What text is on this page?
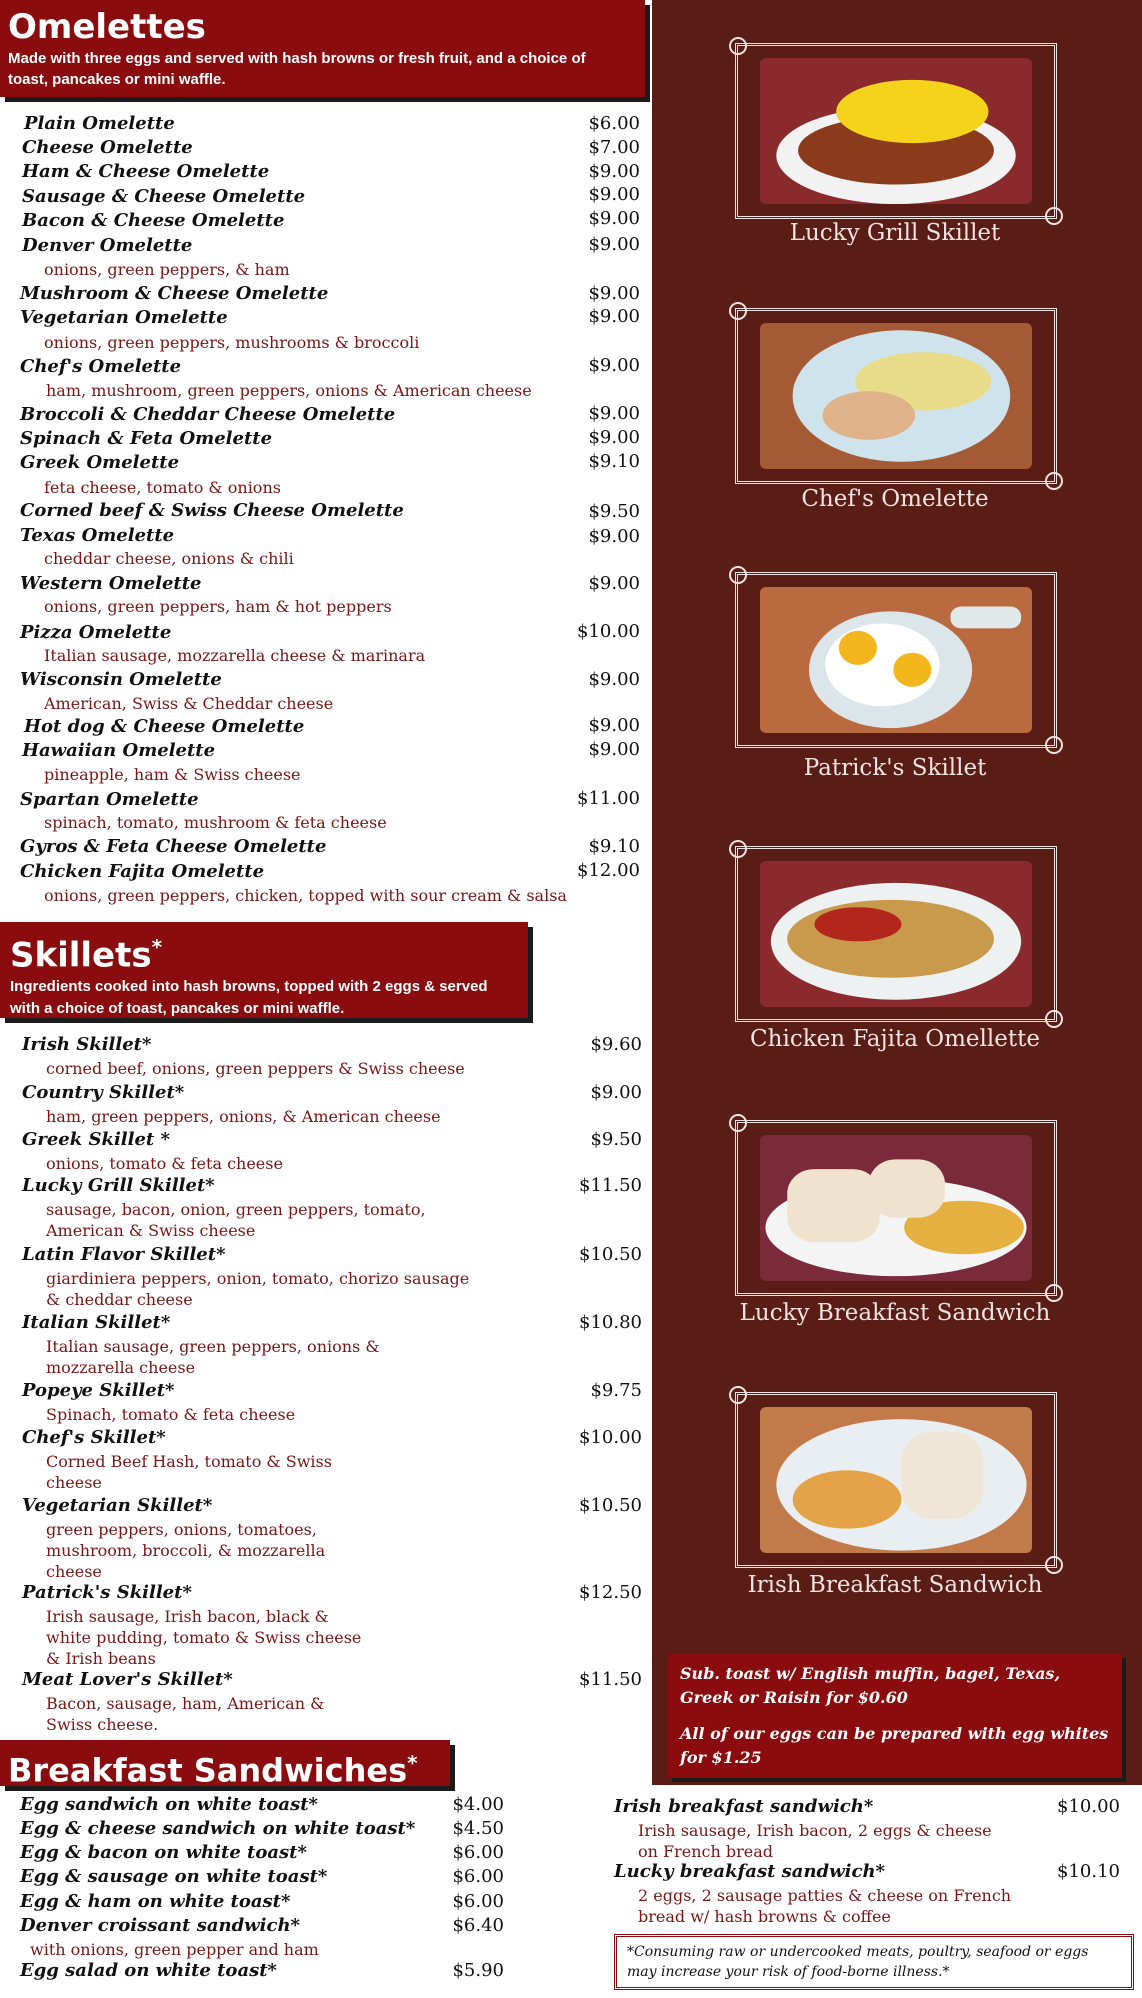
Lucky Grill Skillet
Chef's Omelette
Patrick's Skillet
Chicken Fajita Omellette
Lucky Breakfast Sandwich
Irish Breakfast Sandwich
Sub. toast w/ English muffin, bagel, Texas, Greek or Raisin for $0.60
All of our eggs can be prepared with egg whites for $1.25
Omelettes
Made with three eggs and served with hash browns or fresh fruit, and a choice of toast, pancakes or mini waffle.
Plain Omelette	$6.00
Cheese Omelette	$7.00
Ham & Cheese Omelette	$9.00
Sausage & Cheese Omelette	$9.00
Bacon & Cheese Omelette	$9.00
Denver Omelette	$9.00
onions, green peppers, & ham
Mushroom & Cheese Omelette	$9.00
Vegetarian Omelette	$9.00
onions, green peppers, mushrooms & broccoli
Chef's Omelette	$9.00
ham, mushroom, green peppers, onions & American cheese
Broccoli & Cheddar Cheese Omelette	$9.00
Spinach & Feta Omelette	$9.00
Greek Omelette	$9.10
feta cheese, tomato & onions
Corned beef & Swiss Cheese Omelette	$9.50
Texas Omelette	$9.00
cheddar cheese, onions & chili
Western Omelette	$9.00
onions, green peppers, ham & hot peppers
Pizza Omelette	$10.00
Italian sausage, mozzarella cheese & marinara
Wisconsin Omelette	$9.00
American, Swiss & Cheddar cheese
Hot dog & Cheese Omelette	$9.00
Hawaiian Omelette	$9.00
pineapple, ham & Swiss cheese
Spartan Omelette	$11.00
spinach, tomato, mushroom & feta cheese
Gyros & Feta Cheese Omelette	$9.10
Chicken Fajita Omelette	$12.00
onions, green peppers, chicken, topped with sour cream & salsa
Skillets*
Ingredients cooked into hash browns, topped with 2 eggs & served with a choice of toast, pancakes or mini waffle.
Irish Skillet*	$9.60
corned beef, onions, green peppers & Swiss cheese
Country Skillet*	$9.00
ham, green peppers, onions, & American cheese
Greek Skillet *	$9.50
onions, tomato & feta cheese
Lucky Grill Skillet*	$11.50
sausage, bacon, onion, green peppers, tomato,
American & Swiss cheese
Latin Flavor Skillet*	$10.50
giardiniera peppers, onion, tomato, chorizo sausage
& cheddar cheese
Italian Skillet*	$10.80
Italian sausage, green peppers, onions &
mozzarella cheese
Popeye Skillet*	$9.75
Spinach, tomato & feta cheese
Chef's Skillet*	$10.00
Corned Beef Hash, tomato & Swiss
cheese
Vegetarian Skillet*	$10.50
green peppers, onions, tomatoes,
mushroom, broccoli, & mozzarella
cheese
Patrick's Skillet*	$12.50
Irish sausage, Irish bacon, black &
white pudding, tomato & Swiss cheese
& Irish beans
Meat Lover's Skillet*	$11.50
Bacon, sausage, ham, American &
Swiss cheese.
Breakfast Sandwiches*
Egg sandwich on white toast*	$4.00
Egg & cheese sandwich on white toast*	$4.50
Egg & bacon on white toast*	$6.00
Egg & sausage on white toast*	$6.00
Egg & ham on white toast*	$6.00
Denver croissant sandwich*	$6.40
with onions, green pepper and ham
Egg salad on white toast*	$5.90
Irish breakfast sandwich*	$10.00
Irish sausage, Irish bacon, 2 eggs & cheese
on French bread
Lucky breakfast sandwich*	$10.10
2 eggs, 2 sausage patties & cheese on French
bread w/ hash browns & coffee
*Consuming raw or undercooked meats, poultry, seafood or eggs may increase your risk of food-borne illness.*
